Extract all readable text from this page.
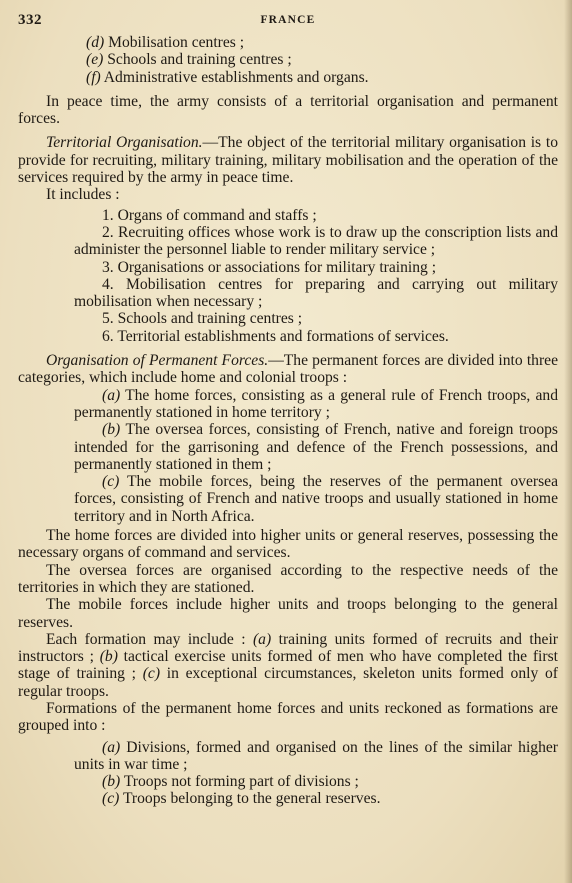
332	FRANCE

(d) Mobilisation centres ;

(e) Schools and training centres ;

(f) Administrative establishments and organs.

In peace time, the army consists of a territorial organisation and permanent forces.

Territorial Organisation.—The object of the territorial military organisation is to provide for recruiting, military training, military mobilisation and the operation of the services required by the army in peace time.

It includes :

1. Organs of command and staffs ;

2. Recruiting offices whose work is to draw up the conscription lists and administer the personnel liable to render military service ;

3. Organisations or associations for military training ;

4. Mobilisation centres for preparing and carrying out military mobilisation when necessary ;

5. Schools and training centres ;

6. Territorial establishments and formations of services.

Organisation of Permanent Forces.—The permanent forces are divided into three categories, which include home and colonial troops :

(a) The home forces, consisting as a general rule of French troops, and permanently stationed in home territory ;

(b) The oversea forces, consisting of French, native and foreign troops intended for the garrisoning and defence of the French possessions, and permanently stationed in them ;

(c) The mobile forces, being the reserves of the permanent oversea forces, consisting of French and native troops and usually stationed in home territory and in North Africa.

The home forces are divided into higher units or general reserves, possessing the necessary organs of command and services.

The oversea forces are organised according to the respective needs of the territories in which they are stationed.

The mobile forces include higher units and troops belonging to the general reserves.

Each formation may include : (a) training units formed of recruits and their instructors ; (b) tactical exercise units formed of men who have completed the first stage of training ; (c) in exceptional circumstances, skeleton units formed only of regular troops.

Formations of the permanent home forces and units reckoned as formations are grouped into :

(a) Divisions, formed and organised on the lines of the similar higher units in war time ;

(b) Troops not forming part of divisions ;

(c) Troops belonging to the general reserves.
